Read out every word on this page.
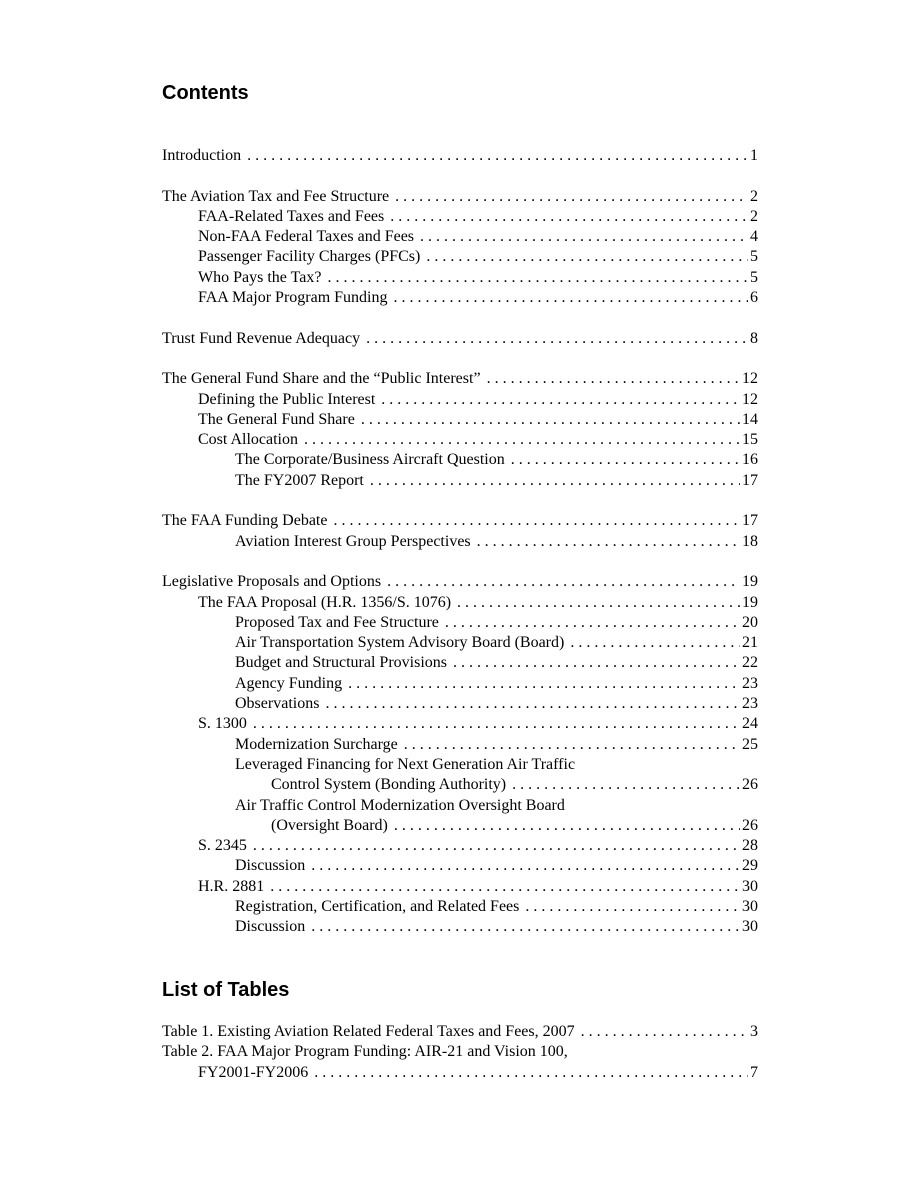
Contents
Introduction . . .	1
The Aviation Tax and Fee Structure . . .	2
FAA-Related Taxes and Fees . . .	2
Non-FAA Federal Taxes and Fees . . .	4
Passenger Facility Charges (PFCs) . . .	5
Who Pays the Tax? . . .	5
FAA Major Program Funding . . .	6
Trust Fund Revenue Adequacy . . .	8
The General Fund Share and the “Public Interest” . . .	12
Defining the Public Interest . . .	12
The General Fund Share . . .	14
Cost Allocation . . .	15
The Corporate/Business Aircraft Question . . .	16
The FY2007 Report . . .	17
The FAA Funding Debate . . .	17
Aviation Interest Group Perspectives . . .	18
Legislative Proposals and Options . . .	19
The FAA Proposal (H.R. 1356/S. 1076) . . .	19
Proposed Tax and Fee Structure . . .	20
Air Transportation System Advisory Board (Board) . . .	21
Budget and Structural Provisions . . .	22
Agency Funding . . .	23
Observations . . .	23
S. 1300 . . .	24
Modernization Surcharge . . .	25
Leveraged Financing for Next Generation Air Traffic
Control System (Bonding Authority) . . .	26
Air Traffic Control Modernization Oversight Board
(Oversight Board) . . .	26
S. 2345 . . .	28
Discussion . . .	29
H.R. 2881 . . .	30
Registration, Certification, and Related Fees . . .	30
Discussion . . .	30
List of Tables
Table 1. Existing Aviation Related Federal Taxes and Fees, 2007 . . .	3
Table 2. FAA Major Program Funding: AIR-21 and Vision 100,
FY2001-FY2006 . . .	7
